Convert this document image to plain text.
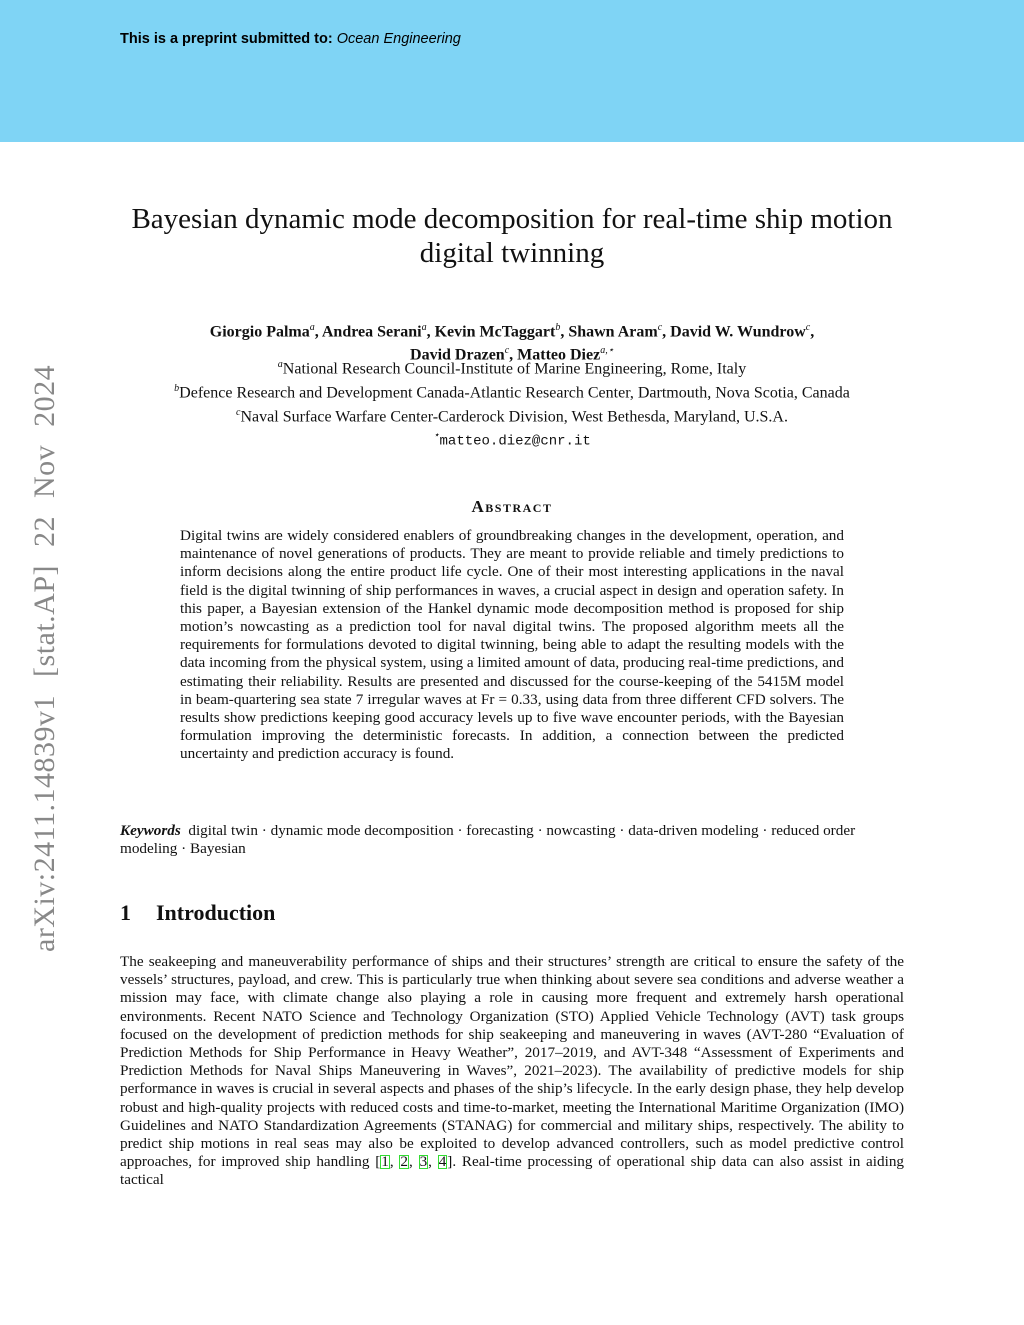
This is a preprint submitted to: Ocean Engineering
arXiv:2411.14839v1 [stat.AP] 22 Nov 2024
Bayesian dynamic mode decomposition for real-time ship motion digital twinning
Giorgio Palma$^a$, Andrea Serani$^a$, Kevin McTaggart$^b$, Shawn Aram$^c$, David W. Wundrow$^c$,
David Drazen$^c$, Matteo Diez$^{a,⋆}$
$^a$National Research Council-Institute of Marine Engineering, Rome, Italy
$^b$Defence Research and Development Canada-Atlantic Research Center, Dartmouth, Nova Scotia, Canada
$^c$Naval Surface Warfare Center-Carderock Division, West Bethesda, Maryland, U.S.A.
⋆matteo.diez@cnr.it
Abstract

Digital twins are widely considered enablers of groundbreaking changes in the development, operation, and maintenance of novel generations of products. They are meant to provide reliable and timely predictions to inform decisions along the entire product life cycle. One of their most interesting applications in the naval field is the digital twinning of ship performances in waves, a crucial aspect in design and operation safety. In this paper, a Bayesian extension of the Hankel dynamic mode decomposition method is proposed for ship motion’s nowcasting as a prediction tool for naval digital twins. The proposed algorithm meets all the requirements for formulations devoted to digital twinning, being able to adapt the resulting models with the data incoming from the physical system, using a limited amount of data, producing real-time predictions, and estimating their reliability. Results are presented and discussed for the course-keeping of the 5415M model in beam-quartering sea state 7 irregular waves at Fr = 0.33, using data from three different CFD solvers. The results show predictions keeping good accuracy levels up to five wave encounter periods, with the Bayesian formulation improving the deterministic forecasts. In addition, a connection between the predicted uncertainty and prediction accuracy is found.

Keywords digital twin · dynamic mode decomposition · forecasting · nowcasting · data-driven modeling · reduced order modeling · Bayesian

1 Introduction

The seakeeping and maneuverability performance of ships and their structures’ strength are critical to ensure the safety of the vessels’ structures, payload, and crew. This is particularly true when thinking about severe sea conditions and adverse weather a mission may face, with climate change also playing a role in causing more frequent and extremely harsh operational environments. Recent NATO Science and Technology Organization (STO) Applied Vehicle Technology (AVT) task groups focused on the development of prediction methods for ship seakeeping and maneuvering in waves (AVT-280 “Evaluation of Prediction Methods for Ship Performance in Heavy Weather”, 2017–2019, and AVT-348 “Assessment of Experiments and Prediction Methods for Naval Ships Maneuvering in Waves”, 2021–2023). The availability of predictive models for ship performance in waves is crucial in several aspects and phases of the ship’s lifecycle. In the early design phase, they help develop robust and high-quality projects with reduced costs and time-to-market, meeting the International Maritime Organization (IMO) Guidelines and NATO Standardization Agreements (STANAG) for commercial and military ships, respectively. The ability to predict ship motions in real seas may also be exploited to develop advanced controllers, such as model predictive control approaches, for improved ship handling [1, 2, 3, 4]. Real-time processing of operational ship data can also assist in aiding tactical
